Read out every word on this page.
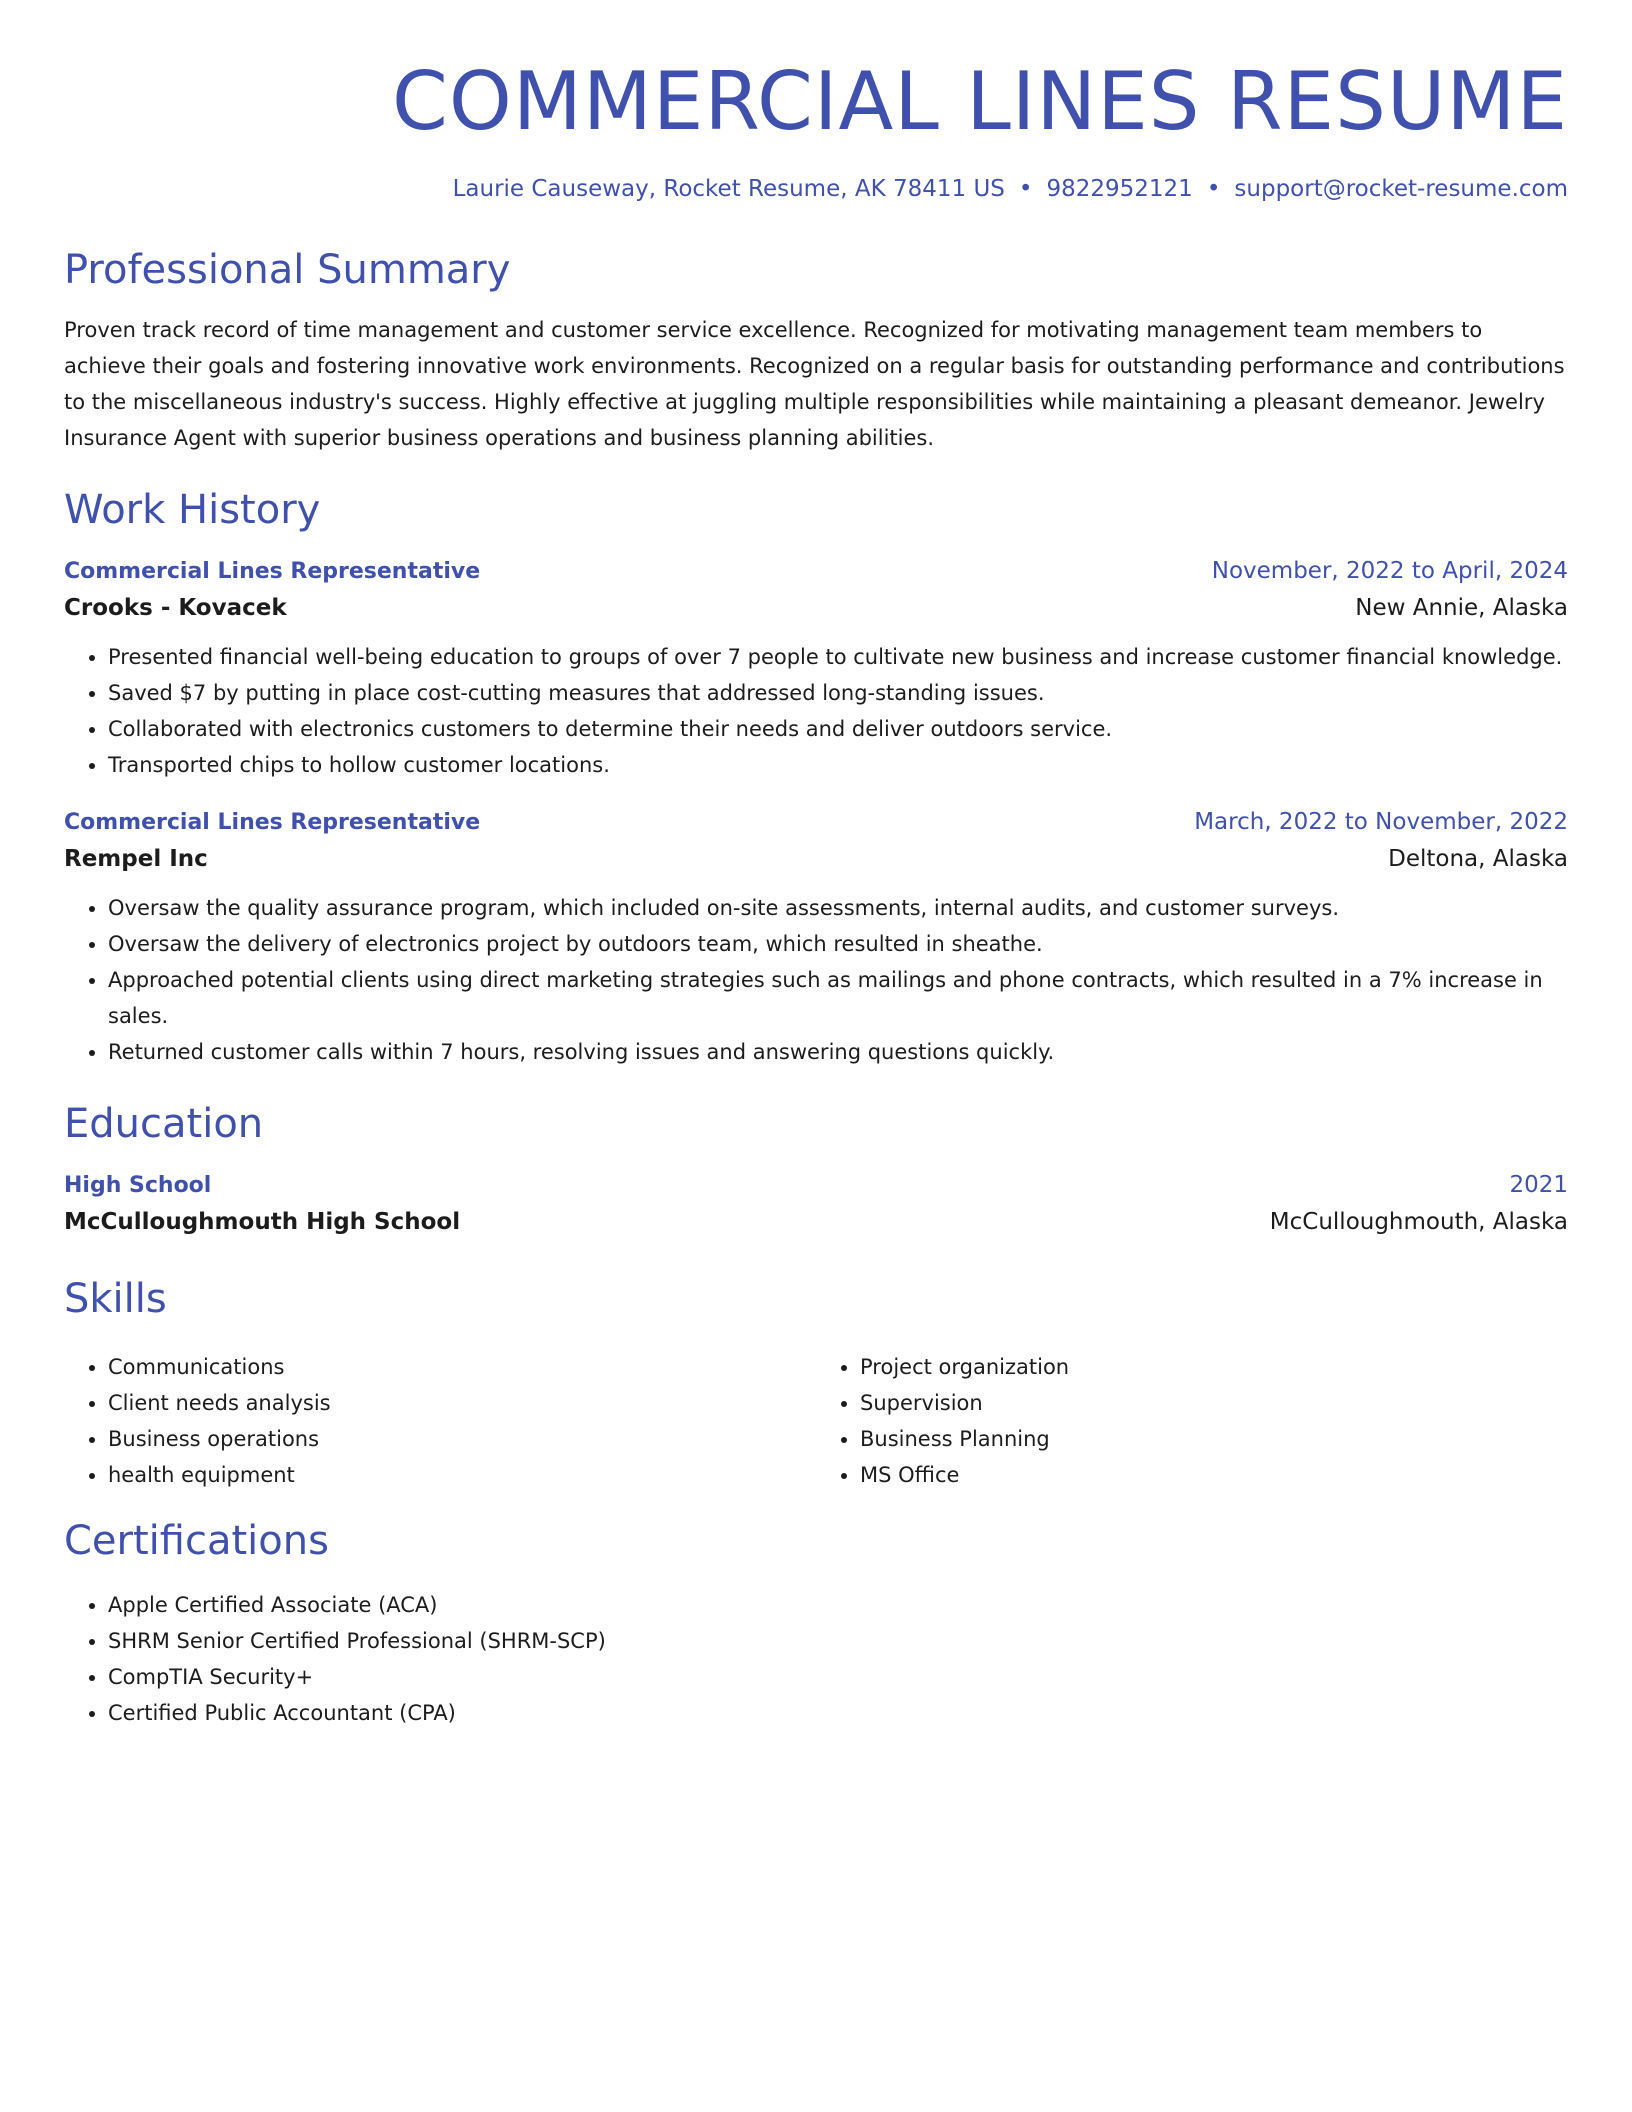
COMMERCIAL LINES RESUME
Laurie Causeway, Rocket Resume, AK 78411 US • 9822952121 • support@rocket-resume.com
Professional Summary
Proven track record of time management and customer service excellence. Recognized for motivating management team members to achieve their goals and fostering innovative work environments. Recognized on a regular basis for outstanding performance and contributions to the miscellaneous industry's success. Highly effective at juggling multiple responsibilities while maintaining a pleasant demeanor. Jewelry Insurance Agent with superior business operations and business planning abilities.
Work History
Commercial Lines Representative	November, 2022 to April, 2024
Crooks - Kovacek	New Annie, Alaska
• Presented financial well-being education to groups of over 7 people to cultivate new business and increase customer financial knowledge.
• Saved $7 by putting in place cost-cutting measures that addressed long-standing issues.
• Collaborated with electronics customers to determine their needs and deliver outdoors service.
• Transported chips to hollow customer locations.
Commercial Lines Representative	March, 2022 to November, 2022
Rempel Inc	Deltona, Alaska
• Oversaw the quality assurance program, which included on-site assessments, internal audits, and customer surveys.
• Oversaw the delivery of electronics project by outdoors team, which resulted in sheathe.
• Approached potential clients using direct marketing strategies such as mailings and phone contracts, which resulted in a 7% increase in sales.
• Returned customer calls within 7 hours, resolving issues and answering questions quickly.
Education
High School	2021
McCulloughmouth High School	McCulloughmouth, Alaska
Skills
• Communications
• Client needs analysis
• Business operations
• health equipment
• Project organization
• Supervision
• Business Planning
• MS Office
Certifications
• Apple Certified Associate (ACA)
• SHRM Senior Certified Professional (SHRM-SCP)
• CompTIA Security+
• Certified Public Accountant (CPA)
